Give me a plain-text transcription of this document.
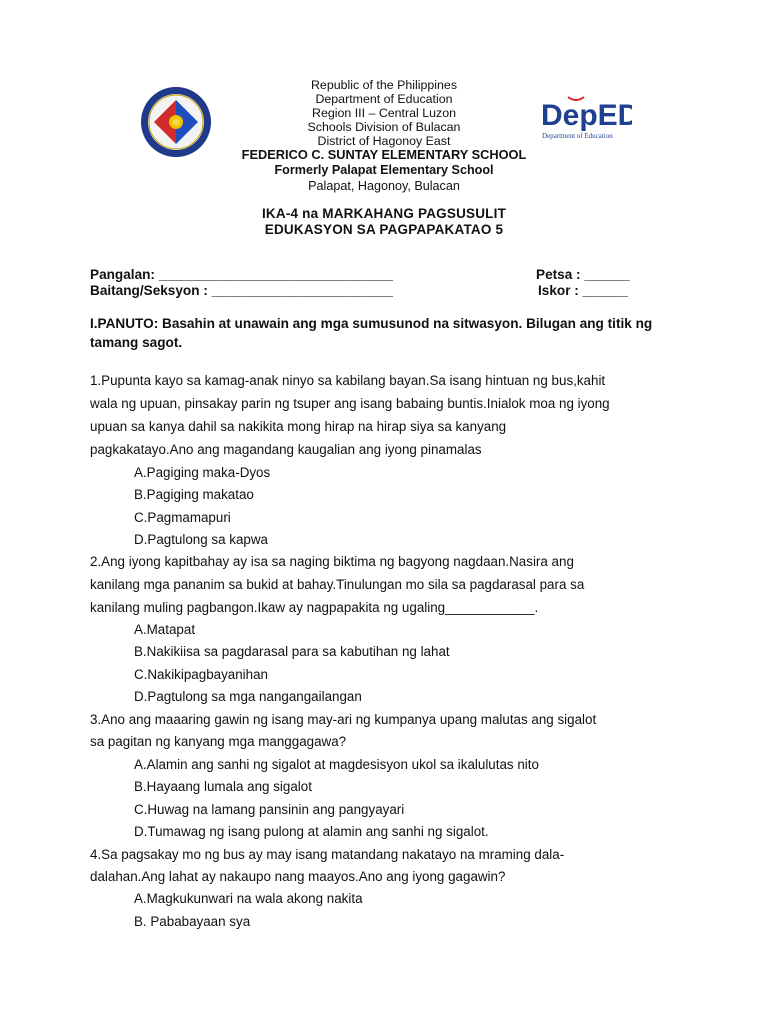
DepED
Department of Education
Republic of the Philippines
Department of Education
Region III – Central Luzon
Schools Division of Bulacan
District of Hagonoy East
FEDERICO C. SUNTAY ELEMENTARY SCHOOL
Formerly Palapat Elementary School
Palapat, Hagonoy, Bulacan
IKA-4 na MARKAHANG PAGSUSULIT
EDUKASYON SA PAGPAPAKATAO 5
Pangalan: _______________________________	Petsa : ______
Baitang/Seksyon : ________________________	Iskor : ______
I.PANUTO: Basahin at unawain ang mga sumusunod na sitwasyon. Bilugan ang titik ng tamang sagot.
1.Pupunta kayo sa kamag-anak ninyo sa kabilang bayan.Sa isang hintuan ng bus,kahit
wala ng upuan, pinsakay parin ng tsuper ang isang babaing buntis.Inialok moa ng iyong
upuan sa kanya dahil sa nakikita mong hirap na hirap siya sa kanyang
pagkakatayo.Ano ang magandang kaugalian ang iyong pinamalas
A.Pagiging maka-Dyos
B.Pagiging makatao
C.Pagmamapuri
D.Pagtulong sa kapwa
2.Ang iyong kapitbahay ay isa sa naging biktima ng bagyong nagdaan.Nasira ang
kanilang mga pananim sa bukid at bahay.Tinulungan mo sila sa pagdarasal para sa
kanilang muling pagbangon.Ikaw ay nagpapakita ng ugaling____________.
A.Matapat
B.Nakikiisa sa pagdarasal para sa kabutihan ng lahat
C.Nakikipagbayanihan
D.Pagtulong sa mga nangangailangan
3.Ano ang maaaring gawin ng isang may-ari ng kumpanya upang malutas ang sigalot
sa pagitan ng kanyang mga manggagawa?
A.Alamin ang sanhi ng sigalot at magdesisyon ukol sa ikalulutas nito
B.Hayaang lumala ang sigalot
C.Huwag na lamang pansinin ang pangyayari
D.Tumawag ng isang pulong at alamin ang sanhi ng sigalot.
4.Sa pagsakay mo ng bus ay may isang matandang nakatayo na mraming dala-
dalahan.Ang lahat ay nakaupo nang maayos.Ano ang iyong gagawin?
A.Magkukunwari na wala akong nakita
B. Pababayaan sya
